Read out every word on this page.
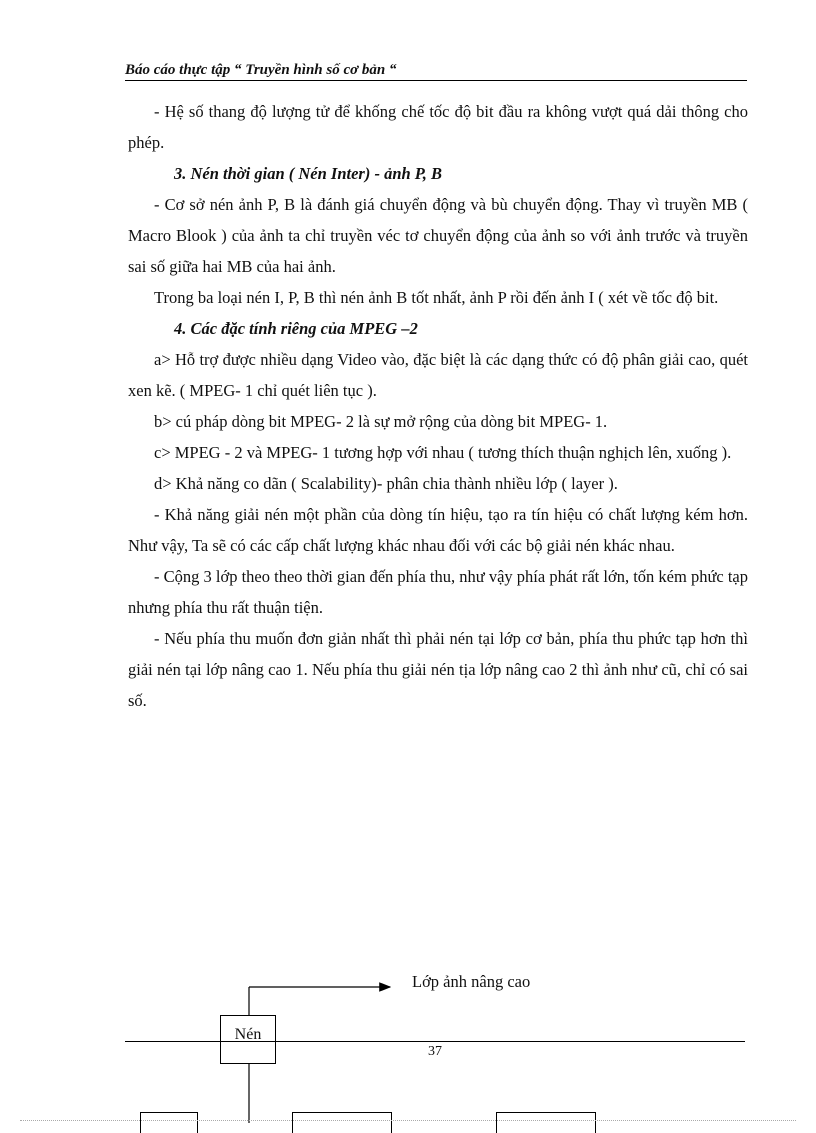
Báo cáo thực tập “ Truyền hình số cơ bản “

- Hệ số thang độ lượng tử để khống chế tốc độ bit đầu ra không vượt quá dải thông cho phép.

3. Nén thời gian ( Nén Inter) - ảnh P, B

- Cơ sở nén ảnh P, B là đánh giá chuyển động và bù chuyển động. Thay vì truyền MB ( Macro Blook ) của ảnh ta chỉ truyền véc tơ chuyển động của ảnh so với ảnh trước và truyền sai số giữa hai MB của hai ảnh.

Trong ba loại nén I, P, B thì nén ảnh B tốt nhất, ảnh P rồi đến ảnh I ( xét về tốc độ bit.

4. Các đặc tính riêng của MPEG –2

a> Hỗ trợ được nhiều dạng Video vào, đặc biệt là các dạng thức có độ phân giải cao, quét xen kẽ. ( MPEG- 1 chỉ quét liên tục ).

b> cú pháp dòng bit MPEG- 2 là sự mở rộng của dòng bit MPEG- 1.

c> MPEG - 2 và MPEG- 1 tương hợp với nhau ( tương thích thuận nghịch lên, xuống ).

d> Khả năng co dãn ( Scalability)- phân chia thành nhiều lớp ( layer ).

- Khả năng giải nén một phần của dòng tín hiệu, tạo ra tín hiệu có chất lượng kém hơn. Như vậy, Ta sẽ có các cấp chất lượng khác nhau đối với các bộ giải nén khác nhau.

- Cộng 3 lớp theo theo thời gian đến phía thu, như vậy phía phát rất lớn, tốn kém phức tạp nhưng phía thu rất thuận tiện.

- Nếu phía thu muốn đơn giản nhất thì phải nén tại lớp cơ bản, phía thu phức tạp hơn thì giải nén tại lớp nâng cao 1. Nếu phía thu giải nén tịa lớp nâng cao 2 thì ảnh như cũ, chỉ có sai số.

Lớp ảnh nâng cao
Nén
37
